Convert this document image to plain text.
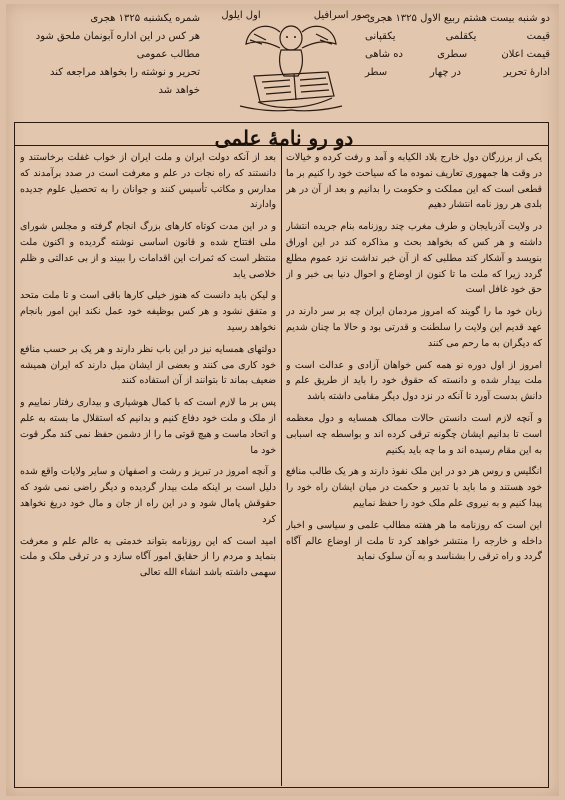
دو شنبه بیست هشتم ربیع الاول ۱۳۲۵ هجری
قیمت
یکقلمی
یکقپانی
قیمت اعلان
سطری
ده شاهی
ادارهٔ تحریر
در چهار
سطر
صور اسرافیل
اول ایلول
شمره یکشنبه ۱۳۲۵ هجری
هر کس در این اداره آبونمان ملحق شود مطالب عمومی
تحریر و نوشته را بخواهد مراجعه کند
خواهد شد
دو رو نامهٔ علمی

یکی از برزرگان دول خارج بلاد الکیابه و آمد و رفت کرده و خیالات در وقت ها جمهوری تعاریف نموده ما که سیاحت خود را کنیم بر ما قطعی است که این مملکت و حکومت را بدانیم و بعد از آن در هر بلدی هر روز نامه انتشار دهیم

در ولایت آذربایجان و طرف مغرب چند روزنامه بنام جریده انتشار داشته و هر کس که بخواهد بحث و مذاکره کند در این اوراق بنویسد و آشکار کند مطلبی که از آن خبر نداشت نزد عموم مطلع گردد زیرا که ملت ما تا کنون از اوضاع و احوال دنیا بی خبر و از حق خود غافل است

زبان خود ما را گویند که امروز مردمان ایران چه بر سر دارند در عهد قدیم این ولایت را سلطنت و قدرتی بود و حالا ما چنان شدیم که دیگران به ما رحم می کنند

امروز از اول دوره نو همه کس خواهان آزادی و عدالت است و ملت بیدار شده و دانسته که حقوق خود را باید از طریق علم و دانش بدست آورد تا آنکه در نزد دول دیگر مقامی داشته باشد

و آنچه لازم است دانستن حالات ممالک همسایه و دول معظمه است تا بدانیم ایشان چگونه ترقی کرده اند و بواسطه چه اسبابی به این مقام رسیده اند و ما چه باید بکنیم

انگلیس و روس هر دو در این ملک نفوذ دارند و هر یک طالب منافع خود هستند و ما باید با تدبیر و حکمت در میان ایشان راه خود را پیدا کنیم و به نیروی علم ملک خود را حفظ نماییم

این است که روزنامه ما هر هفته مطالب علمی و سیاسی و اخبار داخله و خارجه را منتشر خواهد کرد تا ملت از اوضاع عالم آگاه گردد و راه ترقی را بشناسد و به آن سلوک نماید

بعد از آنکه دولت ایران و ملت ایران از خواب غفلت برخاستند و دانستند که راه نجات در علم و معرفت است در صدد برآمدند که مدارس و مکاتب تأسیس کنند و جوانان را به تحصیل علوم جدیده وادارند

و در این مدت کوتاه کارهای بزرگ انجام گرفته و مجلس شورای ملی افتتاح شده و قانون اساسی نوشته گردیده و اکنون ملت منتظر است که ثمرات این اقدامات را ببیند و از بی عدالتی و ظلم خلاصی یابد

و لیکن باید دانست که هنوز خیلی کارها باقی است و تا ملت متحد و متفق نشود و هر کس بوظیفه خود عمل نکند این امور بانجام نخواهد رسید

دولتهای همسایه نیز در این باب نظر دارند و هر یک بر حسب منافع خود کاری می کنند و بعضی از ایشان میل دارند که ایران همیشه ضعیف بماند تا بتوانند از آن استفاده کنند

پس بر ما لازم است که با کمال هوشیاری و بیداری رفتار نماییم و از ملک و ملت خود دفاع کنیم و بدانیم که استقلال ما بسته به علم و اتحاد ماست و هیچ قوتی ما را از دشمن حفظ نمی کند مگر قوت خود ما

و آنچه امروز در تبریز و رشت و اصفهان و سایر ولایات واقع شده دلیل است بر اینکه ملت بیدار گردیده و دیگر راضی نمی شود که حقوقش پامال شود و در این راه از جان و مال خود دریغ نخواهد کرد

امید است که این روزنامه بتواند خدمتی به عالم علم و معرفت بنماید و مردم را از حقایق امور آگاه سازد و در ترقی ملک و ملت سهمی داشته باشد انشاء الله تعالی
